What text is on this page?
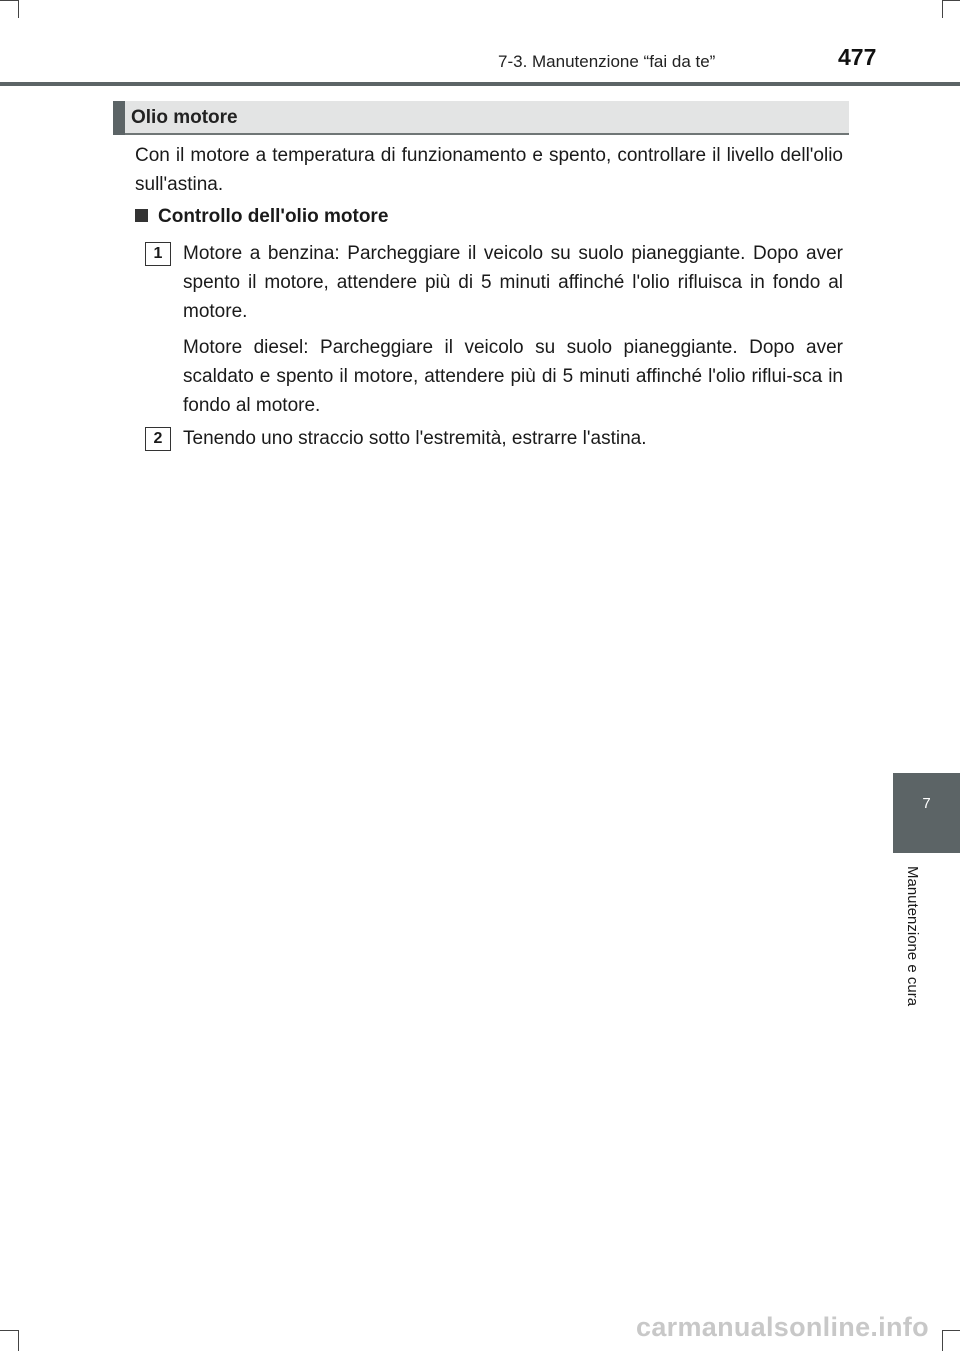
7-3. Manutenzione “fai da te”	477
Olio motore
Con il motore a temperatura di funzionamento e spento, controllare il livello dell'olio sull'astina.
Controllo dell'olio motore
1	Motore a benzina: Parcheggiare il veicolo su suolo pianeggiante. Dopo aver spento il motore, attendere più di 5 minuti affinché l'olio rifluisca in fondo al motore.
Motore diesel: Parcheggiare il veicolo su suolo pianeggiante. Dopo aver scaldato e spento il motore, attendere più di 5 minuti affinché l'olio riflui-sca in fondo al motore.
2	Tenendo uno straccio sotto l'estremità, estrarre l'astina.
7
Manutenzione e cura
carmanualsonline.info
